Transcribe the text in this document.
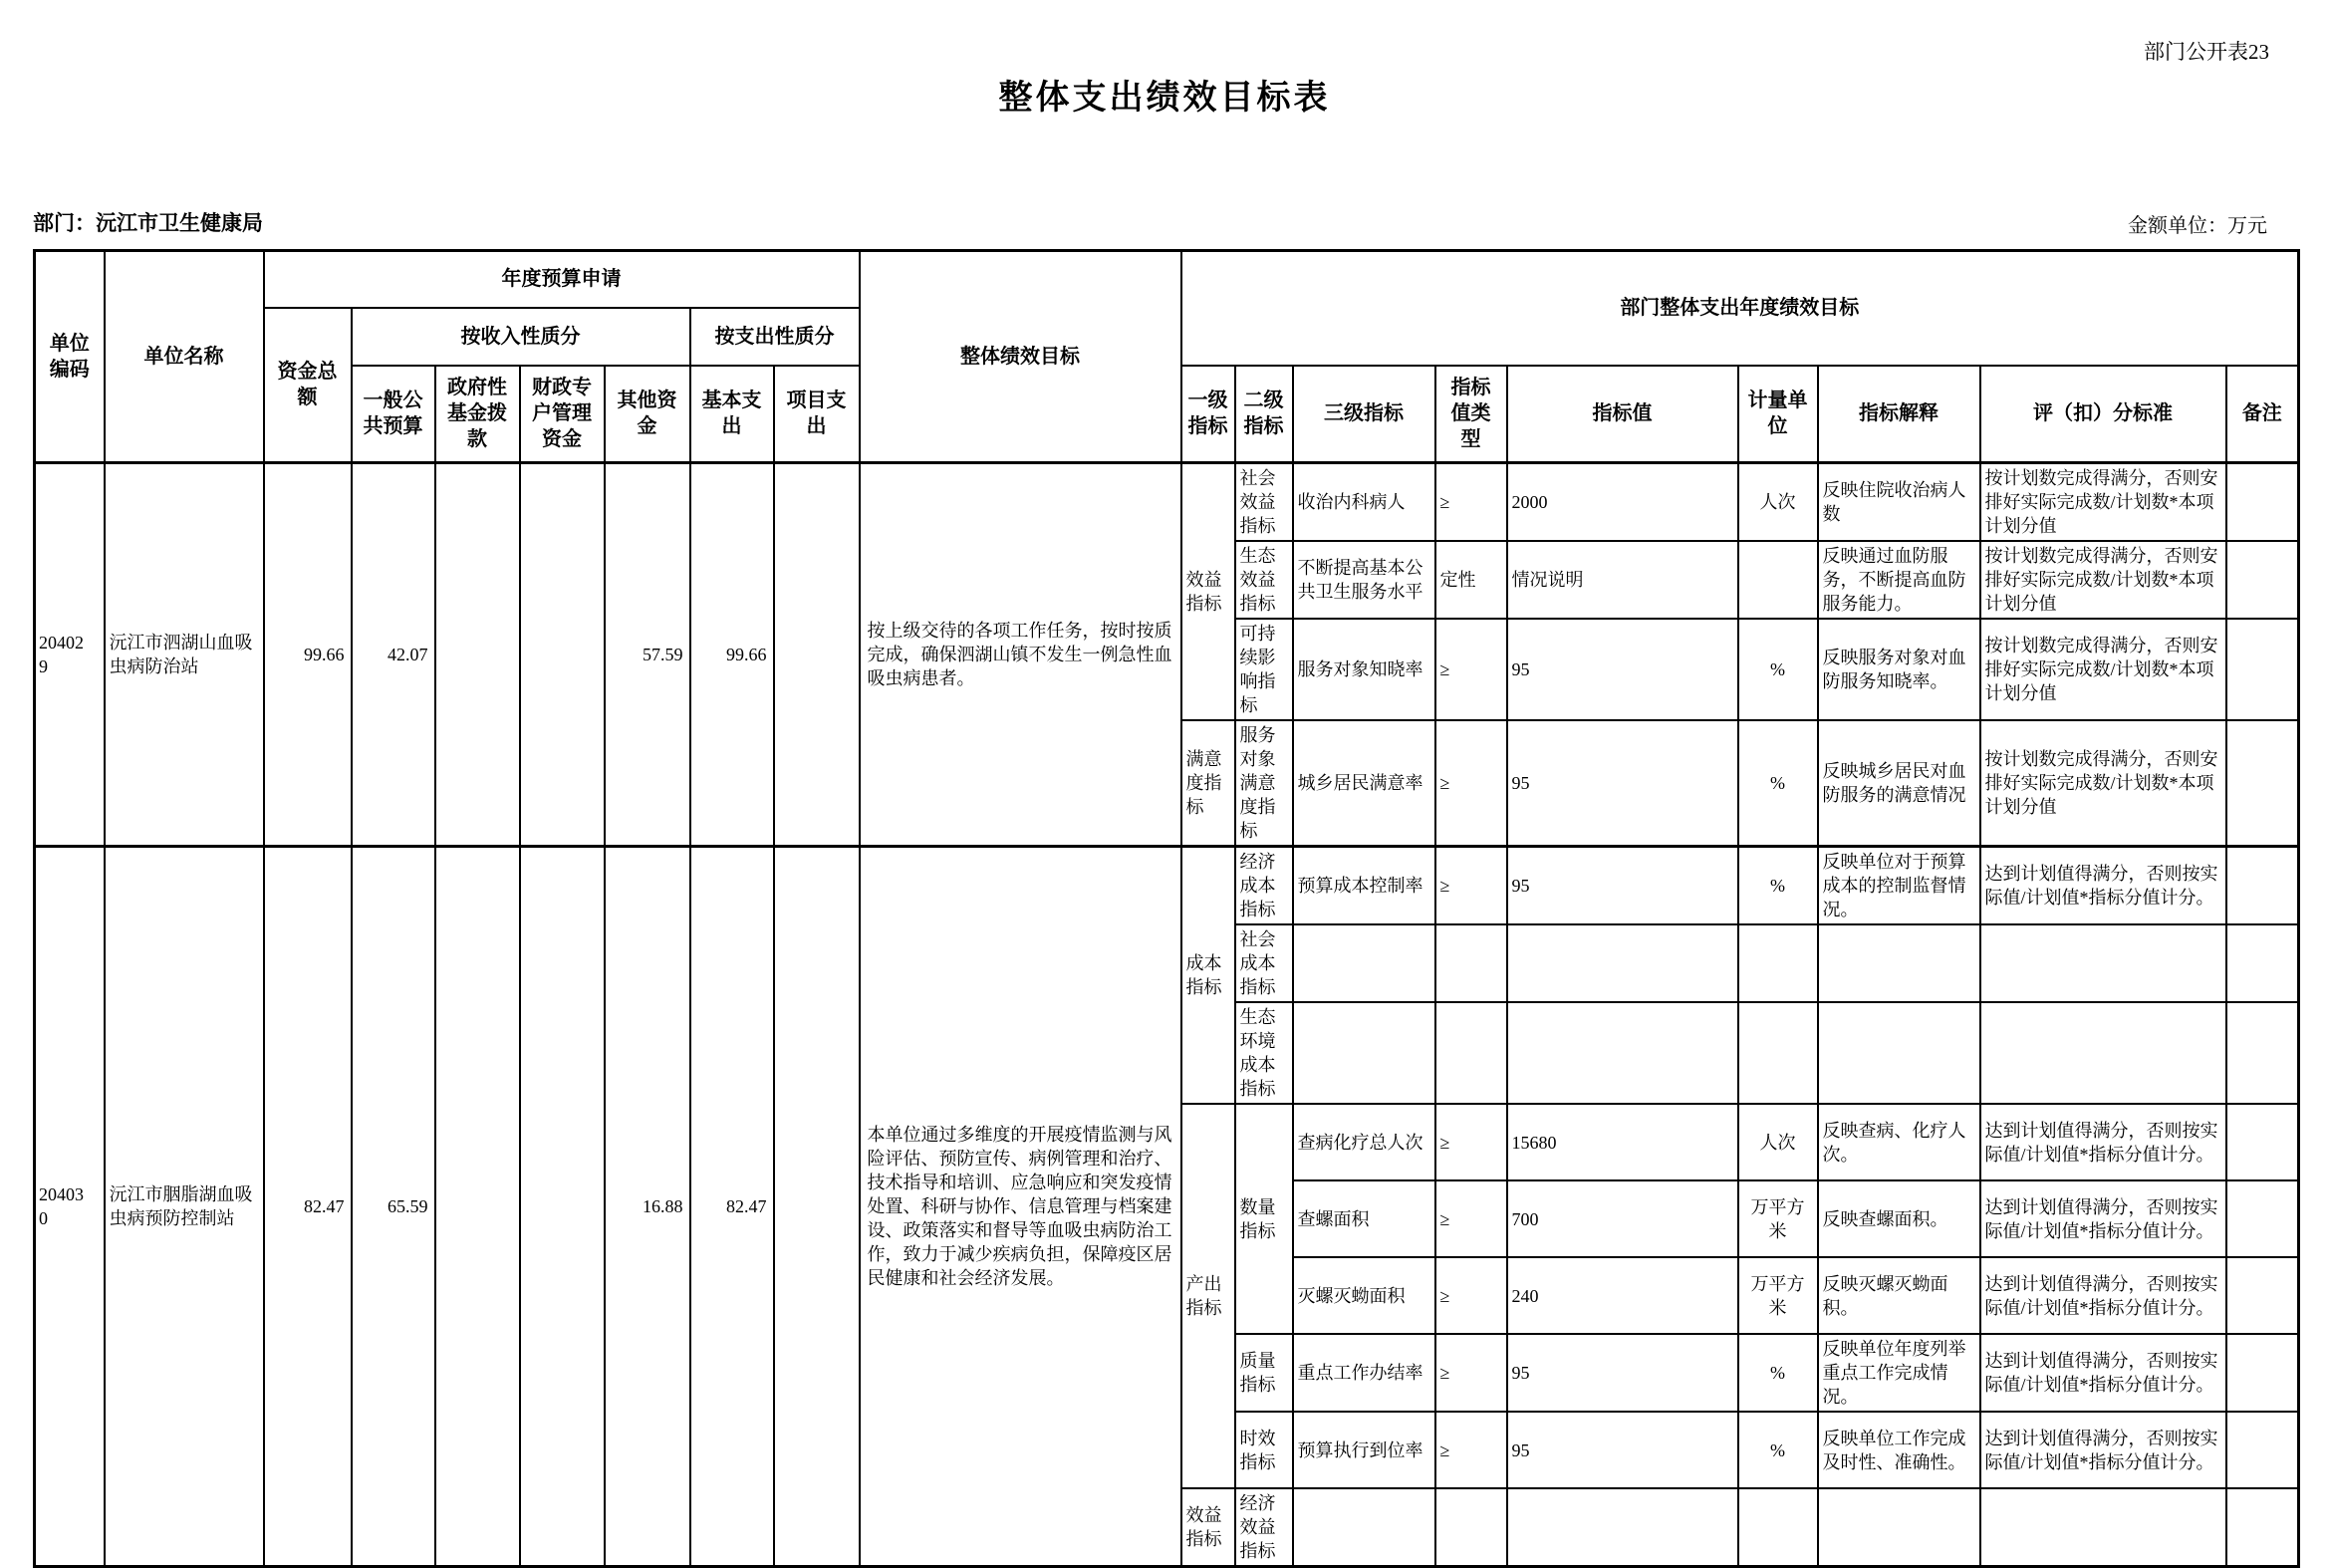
部门公开表23
整体支出绩效目标表
部门：沅江市卫生健康局	金额单位：万元
单位编码	单位名称	年度预算申请							整体绩效目标	部门整体支出年度绩效目标								
		资金总额	按收入性质分				按支出性质分											
			一般公共预算	政府性基金拨款	财政专户管理资金	其他资金	基本支出	项目支出		一级指标	二级指标	三级指标	指标值类型	指标值	计量单位	指标解释	评（扣）分标准	备注
204029	沅江市泗湖山血吸虫病防治站	99.66	42.07			57.59	99.66		按上级交待的各项工作任务，按时按质完成，确保泗湖山镇不发生一例急性血吸虫病患者。	效益指标	社会效益指标	收治内科病人	≥	2000	人次	反映住院收治病人数	按计划数完成得满分，否则安排好实际完成数/计划数*本项计划分值	
											生态效益指标	不断提高基本公共卫生服务水平	定性	情况说明		反映通过血防服务，不断提高血防服务能力。	按计划数完成得满分，否则安排好实际完成数/计划数*本项计划分值	
											可持续影响指标	服务对象知晓率	≥	95	%	反映服务对象对血防服务知晓率。	按计划数完成得满分，否则安排好实际完成数/计划数*本项计划分值	
										满意度指标	服务对象满意度指标	城乡居民满意率	≥	95	%	反映城乡居民对血防服务的满意情况	按计划数完成得满分，否则安排好实际完成数/计划数*本项计划分值	
204030	沅江市胭脂湖血吸虫病预防控制站	82.47	65.59			16.88	82.47		本单位通过多维度的开展疫情监测与风险评估、预防宣传、病例管理和治疗、技术指导和培训、应急响应和突发疫情处置、科研与协作、信息管理与档案建设、政策落实和督导等血吸虫病防治工作，致力于减少疾病负担，保障疫区居民健康和社会经济发展。	成本指标	经济成本指标	预算成本控制率	≥	95	%	反映单位对于预算成本的控制监督情况。	达到计划值得满分，否则按实际值/计划值*指标分值计分。	
											社会成本指标							
											生态环境成本指标							
										产出指标	数量指标	查病化疗总人次	≥	15680	人次	反映查病、化疗人次。	达到计划值得满分，否则按实际值/计划值*指标分值计分。	
												查螺面积	≥	700	万平方米	反映查螺面积。	达到计划值得满分，否则按实际值/计划值*指标分值计分。	
												灭螺灭蚴面积	≥	240	万平方米	反映灭螺灭蚴面积。	达到计划值得满分，否则按实际值/计划值*指标分值计分。	
											质量指标	重点工作办结率	≥	95	%	反映单位年度列举重点工作完成情况。	达到计划值得满分，否则按实际值/计划值*指标分值计分。	
											时效指标	预算执行到位率	≥	95	%	反映单位工作完成及时性、准确性。	达到计划值得满分，否则按实际值/计划值*指标分值计分。	
										效益指标	经济效益指标							
